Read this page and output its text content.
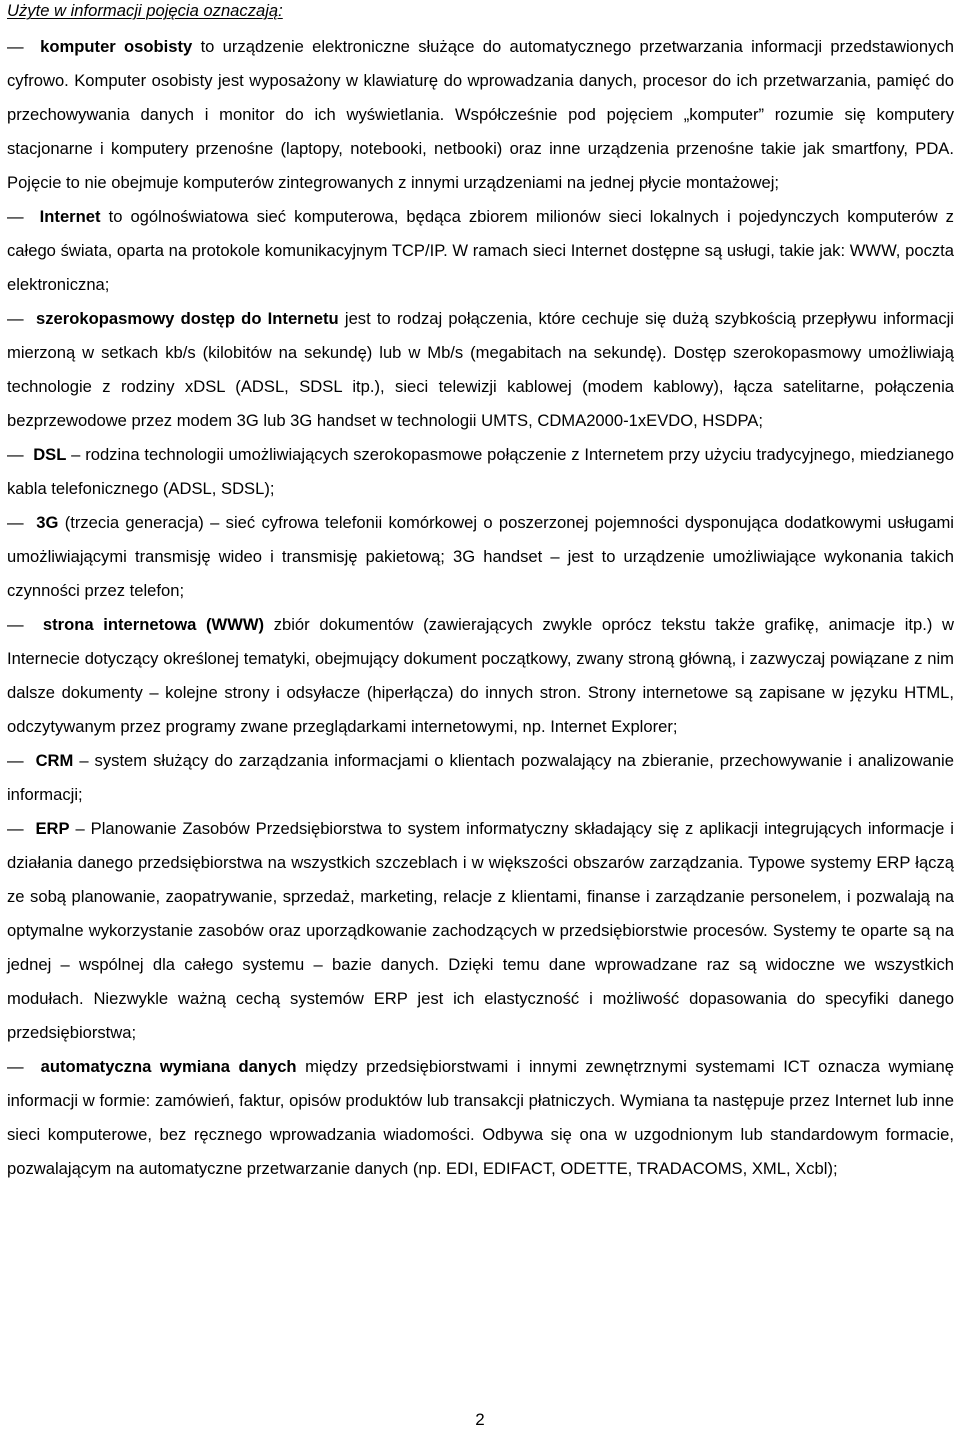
Użyte w informacji pojęcia oznaczają:

— komputer osobisty to urządzenie elektroniczne służące do automatycznego przetwarzania informacji przedstawionych cyfrowo. Komputer osobisty jest wyposażony w klawiaturę do wprowadzania danych, procesor do ich przetwarzania, pamięć do przechowywania danych i monitor do ich wyświetlania. Współcześnie pod pojęciem „komputer” rozumie się komputery stacjonarne i komputery przenośne (laptopy, notebooki, netbooki) oraz inne urządzenia przenośne takie jak smartfony, PDA. Pojęcie to nie obejmuje komputerów zintegrowanych z innymi urządzeniami na jednej płycie montażowej;

— Internet to ogólnoświatowa sieć komputerowa, będąca zbiorem milionów sieci lokalnych i pojedynczych komputerów z całego świata, oparta na protokole komunikacyjnym TCP/IP. W ramach sieci Internet dostępne są usługi, takie jak: WWW, poczta elektroniczna;

— szerokopasmowy dostęp do Internetu jest to rodzaj połączenia, które cechuje się dużą szybkością przepływu informacji mierzoną w setkach kb/s (kilobitów na sekundę) lub w Mb/s (megabitach na sekundę). Dostęp szerokopasmowy umożliwiają technologie z rodziny xDSL (ADSL, SDSL itp.), sieci telewizji kablowej (modem kablowy), łącza satelitarne, połączenia bezprzewodowe przez modem 3G lub 3G handset w technologii UMTS, CDMA2000-1xEVDO, HSDPA;

— DSL – rodzina technologii umożliwiających szerokopasmowe połączenie z Internetem przy użyciu tradycyjnego, miedzianego kabla telefonicznego (ADSL, SDSL);

— 3G (trzecia generacja) – sieć cyfrowa telefonii komórkowej o poszerzonej pojemności dysponująca dodatkowymi usługami umożliwiającymi transmisję wideo i transmisję pakietową; 3G handset – jest to urządzenie umożliwiające wykonania takich czynności przez telefon;

— strona internetowa (WWW) zbiór dokumentów (zawierających zwykle oprócz tekstu także grafikę, animacje itp.) w Internecie dotyczący określonej tematyki, obejmujący dokument początkowy, zwany stroną główną, i zazwyczaj powiązane z nim dalsze dokumenty – kolejne strony i odsyłacze (hiperłącza) do innych stron. Strony internetowe są zapisane w języku HTML, odczytywanym przez programy zwane przeglądarkami internetowymi, np. Internet Explorer;

— CRM – system służący do zarządzania informacjami o klientach pozwalający na zbieranie, przechowywanie i analizowanie informacji;

— ERP – Planowanie Zasobów Przedsiębiorstwa to system informatyczny składający się z aplikacji integrujących informacje i działania danego przedsiębiorstwa na wszystkich szczeblach i w większości obszarów zarządzania. Typowe systemy ERP łączą ze sobą planowanie, zaopatrywanie, sprzedaż, marketing, relacje z klientami, finanse i zarządzanie personelem, i pozwalają na optymalne wykorzystanie zasobów oraz uporządkowanie zachodzących w przedsiębiorstwie procesów. Systemy te oparte są na jednej – wspólnej dla całego systemu – bazie danych. Dzięki temu dane wprowadzane raz są widoczne we wszystkich modułach. Niezwykle ważną cechą systemów ERP jest ich elastyczność i możliwość dopasowania do specyfiki danego przedsiębiorstwa;

— automatyczna wymiana danych między przedsiębiorstwami i innymi zewnętrznymi systemami ICT oznacza wymianę informacji w formie: zamówień, faktur, opisów produktów lub transakcji płatniczych. Wymiana ta następuje przez Internet lub inne sieci komputerowe, bez ręcznego wprowadzania wiadomości. Odbywa się ona w uzgodnionym lub standardowym formacie, pozwalającym na automatyczne przetwarzanie danych (np. EDI, EDIFACT, ODETTE, TRADACOMS, XML, Xcbl);

2
